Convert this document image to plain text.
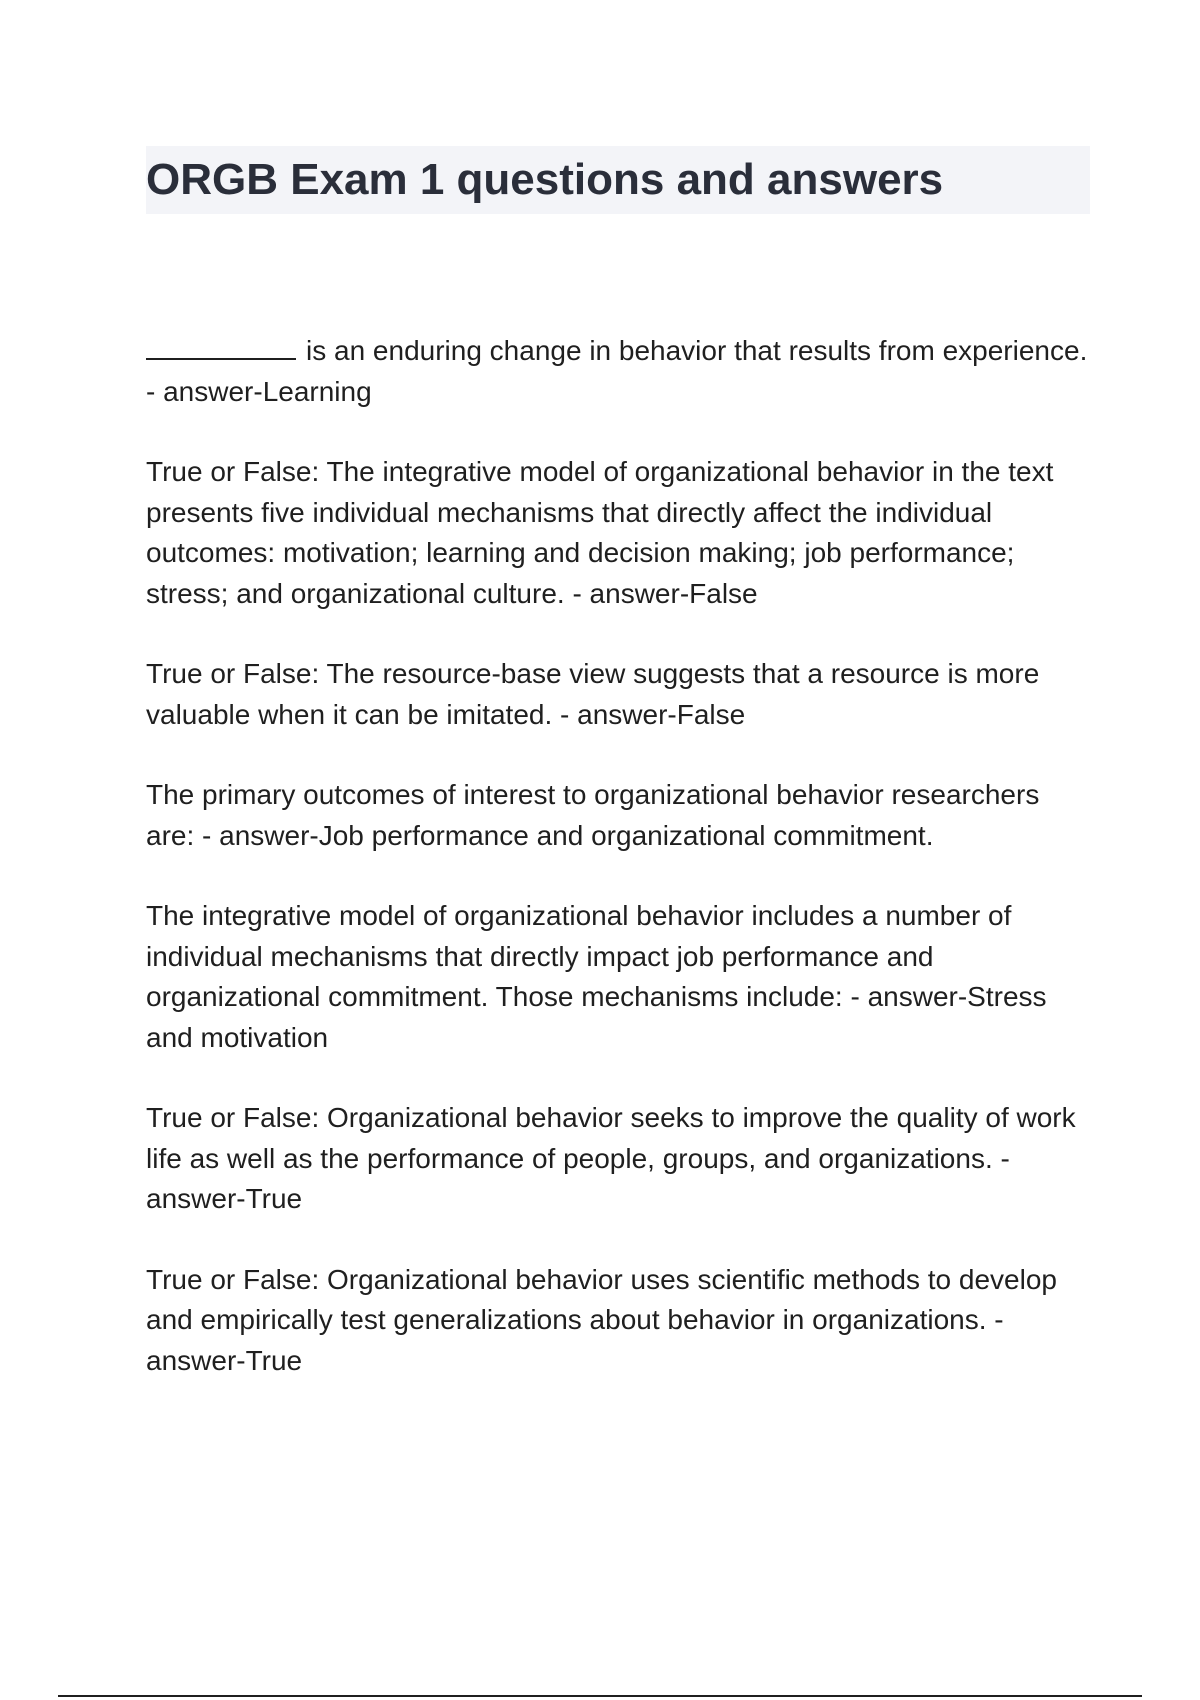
ORGB Exam 1 questions and answers
is an enduring change in behavior that results from experience. - answer-Learning
True or False: The integrative model of organizational behavior in the text presents five individual mechanisms that directly affect the individual outcomes: motivation; learning and decision making; job performance; stress; and organizational culture. - answer-False
True or False: The resource-base view suggests that a resource is more valuable when it can be imitated. - answer-False
The primary outcomes of interest to organizational behavior researchers are: - answer-Job performance and organizational commitment.
The integrative model of organizational behavior includes a number of individual mechanisms that directly impact job performance and organizational commitment. Those mechanisms include: - answer-Stress and motivation
True or False: Organizational behavior seeks to improve the quality of work life as well as the performance of people, groups, and organizations. - answer-True
True or False: Organizational behavior uses scientific methods to develop and empirically test generalizations about behavior in organizations. - answer-True
